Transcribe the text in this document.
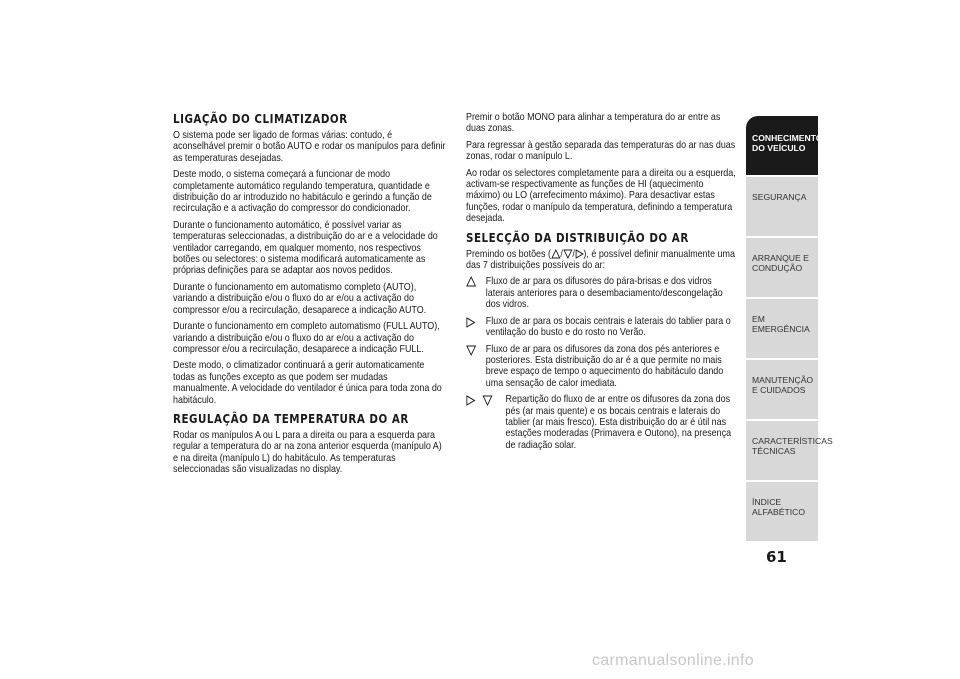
LIGAÇÃO DO CLIMATIZADOR

O sistema pode ser ligado de formas várias: contudo, é aconselhável premir o botão AUTO e rodar os manípulos para definir as temperaturas desejadas.

Deste modo, o sistema começará a funcionar de modo completamente automático regulando temperatura, quantidade e distribuição do ar introduzido no habitáculo e gerindo a função de recirculação e a activação do compressor do condicionador.

Durante o funcionamento automático, é possível variar as temperaturas seleccionadas, a distribuição do ar e a velocidade do ventilador carregando, em qualquer momento, nos respectivos botões ou selectores: o sistema modificará automaticamente as próprias definições para se adaptar aos novos pedidos.

Durante o funcionamento em automatismo completo (AUTO), variando a distribuição e/ou o fluxo do ar e/ou a activação do compressor e/ou a recirculação, desaparece a indicação AUTO.

Durante o funcionamento em completo automatismo (FULL AUTO), variando a distribuição e/ou o fluxo do ar e/ou a activação do compressor e/ou a recirculação, desaparece a indicação FULL.

Deste modo, o climatizador continuará a gerir automaticamente todas as funções excepto as que podem ser mudadas manualmente. A velocidade do ventilador é única para toda zona do habitáculo.

REGULAÇÃO DA TEMPERATURA DO AR

Rodar os manípulos A ou L para a direita ou para a esquerda para regular a temperatura do ar na zona anterior esquerda (manípulo A) e na direita (manípulo L) do habitáculo. As temperaturas seleccionadas são visualizadas no display.

Premir o botão MONO para alinhar a temperatura do ar entre as duas zonas.

Para regressar à gestão separada das temperaturas do ar nas duas zonas, rodar o manípulo L.

Ao rodar os selectores completamente para a direita ou a esquerda, activam-se respectivamente as funções de HI (aquecimento máximo) ou LO (arrefecimento máximo). Para desactivar estas funções, rodar o manípulo da temperatura, definindo a temperatura desejada.

SELECÇÃO DA DISTRIBUIÇÃO DO AR

Premindo os botões ( / / ), é possível definir manualmente uma das 7 distribuições possíveis do ar:

Fluxo de ar para os difusores do pára-brisas e dos vidros laterais anteriores para o desembaciamento/descongelação dos vidros.
Fluxo de ar para os bocais centrais e laterais do tablier para o ventilação do busto e do rosto no Verão.
Fluxo de ar para os difusores da zona dos pés anteriores e posteriores. Esta distribuição do ar é a que permite no mais breve espaço de tempo o aquecimento do habitáculo dando uma sensação de calor imediata.
Repartição do fluxo de ar entre os difusores da zona dos pés (ar mais quente) e os bocais centrais e laterais do tablier (ar mais fresco). Esta distribuição do ar é útil nas estações moderadas (Primavera e Outono), na presença de radiação solar.
CONHECIMENTO DO VEÍCULO
SEGURANÇA
ARRANQUE E CONDUÇÃO
EM EMERGÊNCIA
MANUTENÇÃO E CUIDADOS
CARACTERÍSTICAS TÉCNICAS
ÍNDICE ALFABÉTICO
61
carmanualsonline.info
